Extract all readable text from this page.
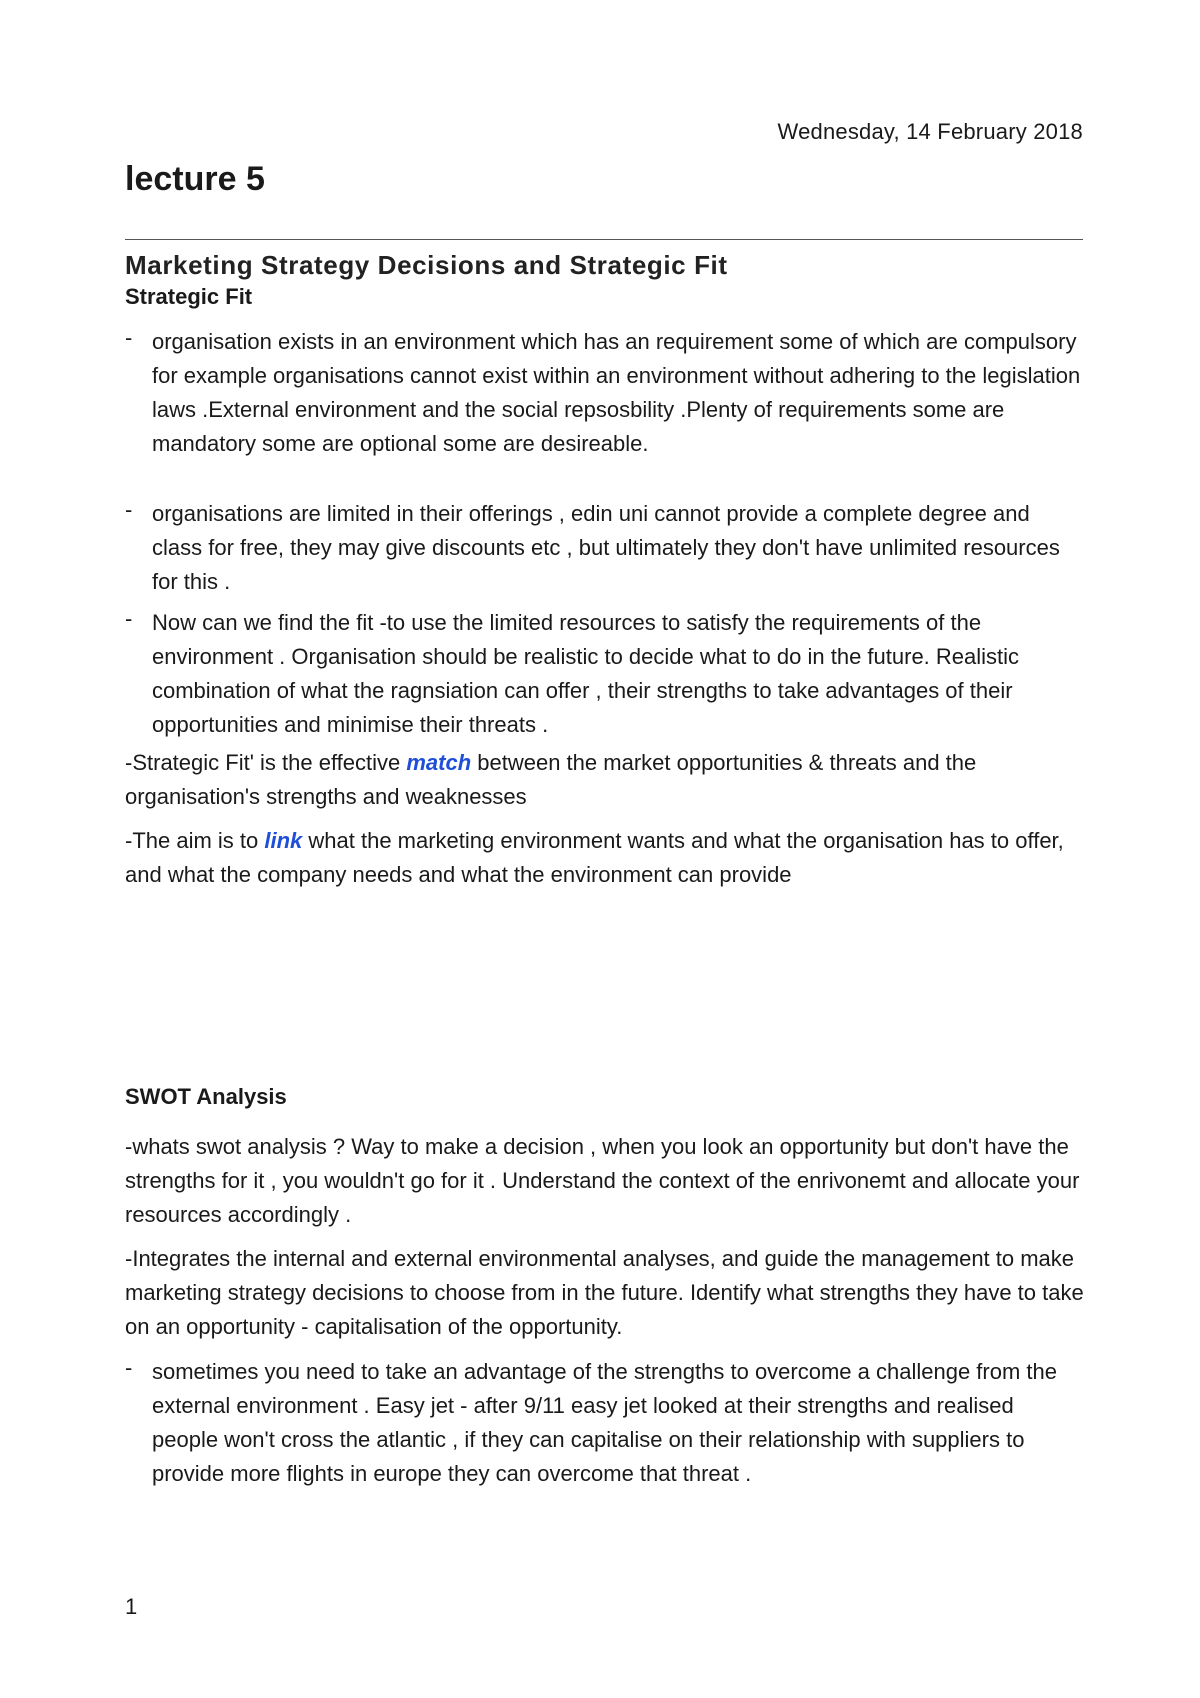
Wednesday, 14 February 2018
lecture 5
Marketing Strategy Decisions and Strategic Fit
Strategic Fit
- organisation exists in an environment which has an requirement some of which are compulsory for example organisations cannot exist within an environment without adhering to the legislation laws .External environment and the social repsosbility .Plenty of requirements some are mandatory some are optional some are desireable.
- organisations are limited in their offerings , edin uni cannot provide a complete degree and class for free, they may give discounts etc , but ultimately they don't have unlimited resources for this .
- Now can we find the fit -to use the limited resources to satisfy the requirements of the environment . Organisation should be realistic to decide what to do in the future. Realistic combination of what the ragnsiation can offer , their strengths to take advantages of their opportunities and minimise their threats .

-Strategic Fit' is the effective match between the market opportunities & threats and the organisation's strengths and weaknesses

-The aim is to link what the marketing environment wants and what the organisation has to offer, and what the company needs and what the environment can provide

SWOT Analysis

-whats swot analysis ? Way to make a decision , when you look an opportunity but don't have the strengths for it , you wouldn't go for it . Understand the context of the enrivonemt and allocate your resources accordingly .

-Integrates the internal and external environmental analyses, and guide the management to make marketing strategy decisions to choose from in the future. Identify what strengths they have to take on an opportunity - capitalisation of the opportunity.

- sometimes you need to take an advantage of the strengths to overcome a challenge from the external environment . Easy jet - after 9/11 easy jet looked at their strengths and realised people won't cross the atlantic , if they can capitalise on their relationship with suppliers to provide more flights in europe they can overcome that threat .
1
